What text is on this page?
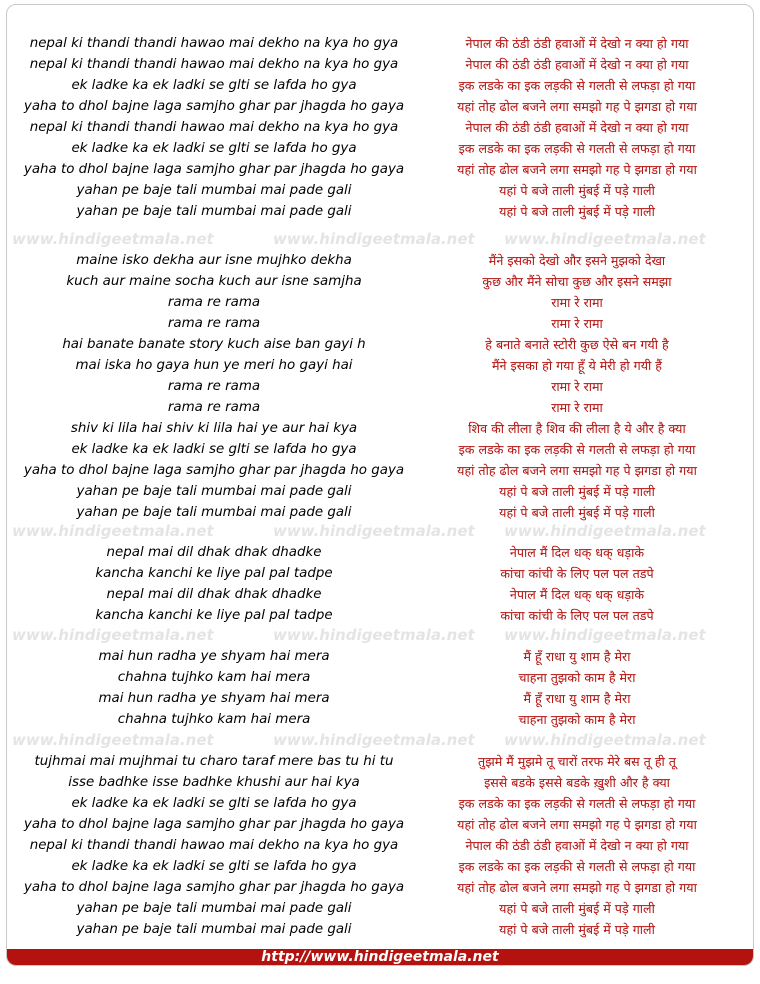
nepal ki thandi thandi hawao mai dekho na kya ho gya	नेपाल की ठंडी ठंडी हवाओं में देखो न क्या हो गया
nepal ki thandi thandi hawao mai dekho na kya ho gya	नेपाल की ठंडी ठंडी हवाओं में देखो न क्या हो गया
ek ladke ka ek ladki se glti se lafda ho gya	इक लडके का इक लड़की से गलती से लफड़ा हो गया
yaha to dhol bajne laga samjho ghar par jhagda ho gaya	यहां तोह ढोल बजने लगा समझो गह पे झगडा हो गया
nepal ki thandi thandi hawao mai dekho na kya ho gya	नेपाल की ठंडी ठंडी हवाओं में देखो न क्या हो गया
ek ladke ka ek ladki se glti se lafda ho gya	इक लडके का इक लड़की से गलती से लफड़ा हो गया
yaha to dhol bajne laga samjho ghar par jhagda ho gaya	यहां तोह ढोल बजने लगा समझो गह पे झगडा हो गया
yahan pe baje tali mumbai mai pade gali	यहां पे बजे ताली मुंबई में पड़े गाली
yahan pe baje tali mumbai mai pade gali	यहां पे बजे ताली मुंबई में पड़े गाली
www.hindigeetmala.net	www.hindigeetmala.net www.hindigeetmala.net
maine isko dekha aur isne mujhko dekha	मैंने इसको देखो और इसने मुझको देखा
kuch aur maine socha kuch aur isne samjha	कुछ और मैंने सोचा कुछ और इसने समझा
rama re rama	रामा रे रामा
rama re rama	रामा रे रामा
hai banate banate story kuch aise ban gayi h	हे बनाते बनाते स्टोरी कुछ ऐसे बन गयी है
mai iska ho gaya hun ye meri ho gayi hai	मैंने इसका हो गया हूँ ये मेरी हो गयी हैं
rama re rama	रामा रे रामा
rama re rama	रामा रे रामा
shiv ki lila hai shiv ki lila hai ye aur hai kya	शिव की लीला है शिव की लीला है ये और है क्या
ek ladke ka ek ladki se glti se lafda ho gya	इक लडके का इक लड़की से गलती से लफड़ा हो गया
yaha to dhol bajne laga samjho ghar par jhagda ho gaya	यहां तोह ढोल बजने लगा समझो गह पे झगडा हो गया
yahan pe baje tali mumbai mai pade gali	यहां पे बजे ताली मुंबई में पड़े गाली
yahan pe baje tali mumbai mai pade gali	यहां पे बजे ताली मुंबई में पड़े गाली
www.hindigeetmala.net	www.hindigeetmala.net www.hindigeetmala.net
nepal mai dil dhak dhak dhadke	नेपाल मैं दिल धक् धक् धड़ाके
kancha kanchi ke liye pal pal tadpe	कांचा कांची के लिए पल पल तडपे
nepal mai dil dhak dhak dhadke	नेपाल मैं दिल धक् धक् धड़ाके
kancha kanchi ke liye pal pal tadpe	कांचा कांची के लिए पल पल तडपे
www.hindigeetmala.net	www.hindigeetmala.net www.hindigeetmala.net
mai hun radha ye shyam hai mera	मैं हूँ राधा यु शाम है मेरा
chahna tujhko kam hai mera	चाहना तुझको काम है मेरा
mai hun radha ye shyam hai mera	मैं हूँ राधा यु शाम है मेरा
chahna tujhko kam hai mera	चाहना तुझको काम है मेरा
www.hindigeetmala.net	www.hindigeetmala.net www.hindigeetmala.net
tujhmai mai mujhmai tu charo taraf mere bas tu hi tu	तुझमे मैं मुझमे तू चारों तरफ मेरे बस तू ही तू
isse badhke isse badhke khushi aur hai kya	इससे बडके इससे बडके ख़ुशी और है क्या
ek ladke ka ek ladki se glti se lafda ho gya	इक लडके का इक लड़की से गलती से लफड़ा हो गया
yaha to dhol bajne laga samjho ghar par jhagda ho gaya	यहां तोह ढोल बजने लगा समझो गह पे झगडा हो गया
nepal ki thandi thandi hawao mai dekho na kya ho gya	नेपाल की ठंडी ठंडी हवाओं में देखो न क्या हो गया
ek ladke ka ek ladki se glti se lafda ho gya	इक लडके का इक लड़की से गलती से लफड़ा हो गया
yaha to dhol bajne laga samjho ghar par jhagda ho gaya	यहां तोह ढोल बजने लगा समझो गह पे झगडा हो गया
yahan pe baje tali mumbai mai pade gali	यहां पे बजे ताली मुंबई में पड़े गाली
yahan pe baje tali mumbai mai pade gali	यहां पे बजे ताली मुंबई में पड़े गाली
http://www.hindigeetmala.net
